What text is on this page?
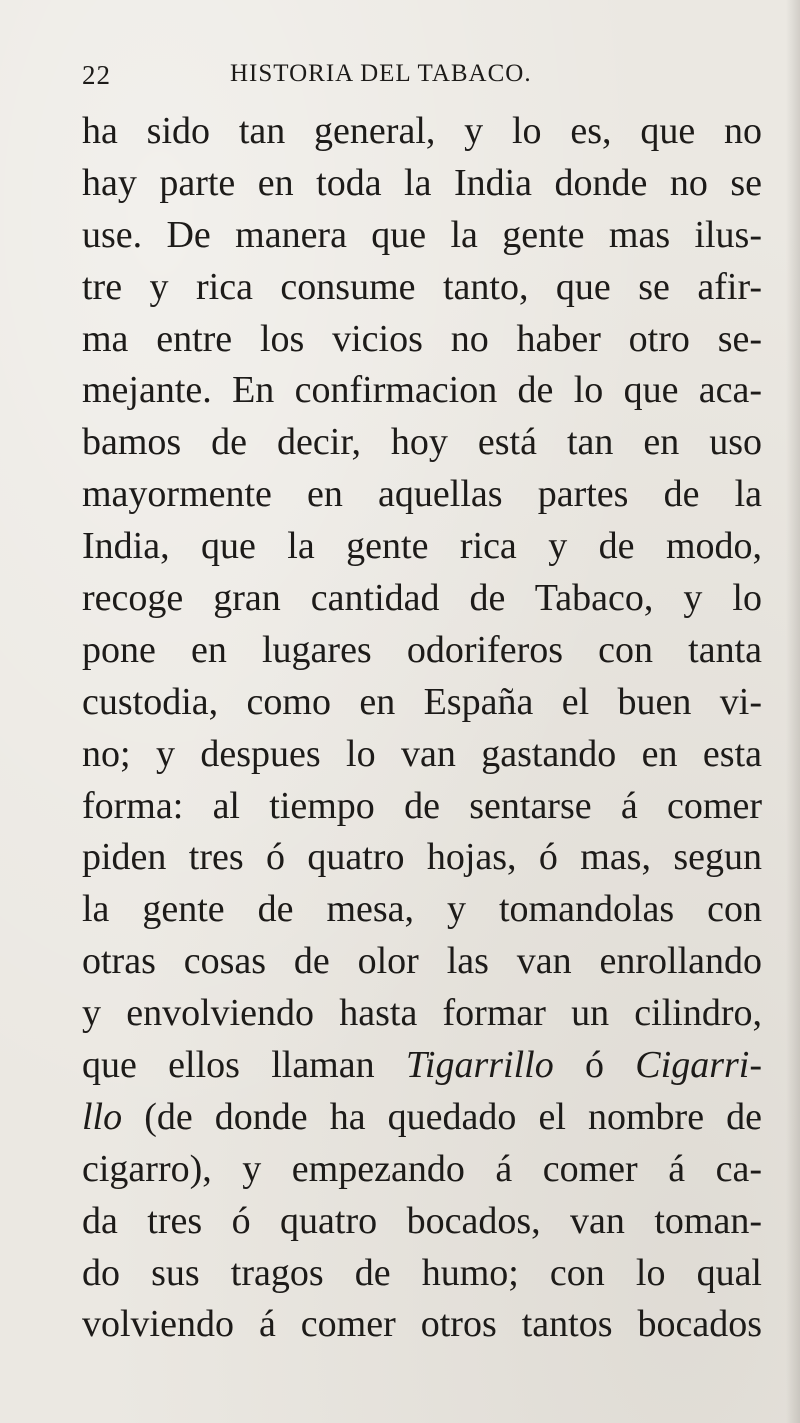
22	HISTORIA DEL TABACO.
ha sido tan general, y lo es, que no
hay parte en toda la India donde no se
use. De manera que la gente mas ilus-
tre y rica consume tanto, que se afir-
ma entre los vicios no haber otro se-
mejante. En confirmacion de lo que aca-
bamos de decir, hoy está tan en uso
mayormente en aquellas partes de la
India, que la gente rica y de modo,
recoge gran cantidad de Tabaco, y lo
pone en lugares odoriferos con tanta
custodia, como en España el buen vi-
no; y despues lo van gastando en esta
forma: al tiempo de sentarse á comer
piden tres ó quatro hojas, ó mas, segun
la gente de mesa, y tomandolas con
otras cosas de olor las van enrollando
y envolviendo hasta formar un cilindro,
que ellos llaman Tigarrillo ó Cigarri-
llo (de donde ha quedado el nombre de
cigarro), y empezando á comer á ca-
da tres ó quatro bocados, van toman-
do sus tragos de humo; con lo qual
volviendo á comer otros tantos bocados
